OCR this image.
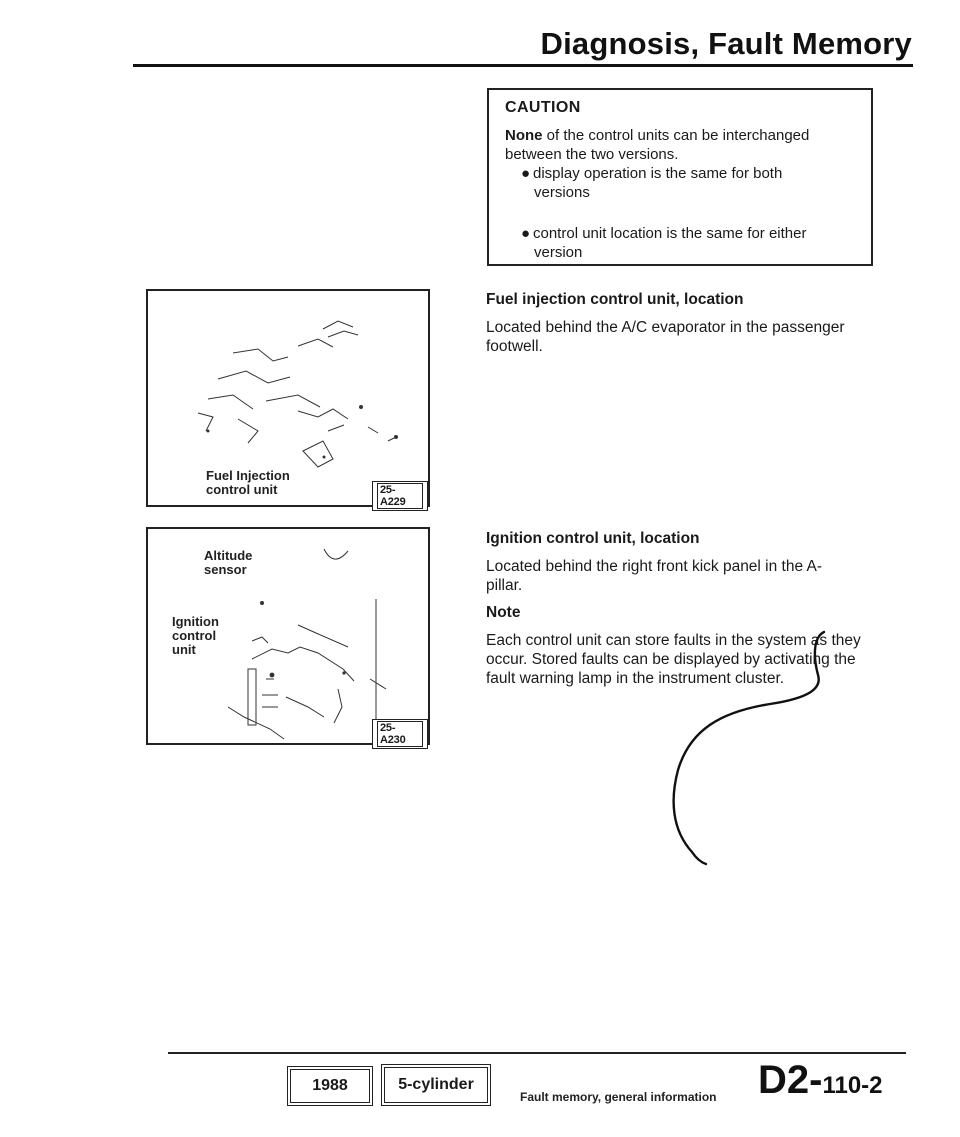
Diagnosis, Fault Memory
CAUTION
None of the control units can be interchanged between the two versions.
● display operation is the same for both
versions
● control unit location is the same for either
version
Fuel injection control unit, location
Located behind the A/C evaporator in the passenger footwell.
Ignition control unit, location
Located behind the right front kick panel in the A-pillar.
Note
Each control unit can store faults in the system as they occur. Stored faults can be displayed by activating the fault warning lamp in the instrument cluster.
Fuel Injection
control unit	25-A229
Altitude
sensor
Ignition
control
unit
25-A230
1988	5-cylinder
Fault memory, general information D2-110-2
